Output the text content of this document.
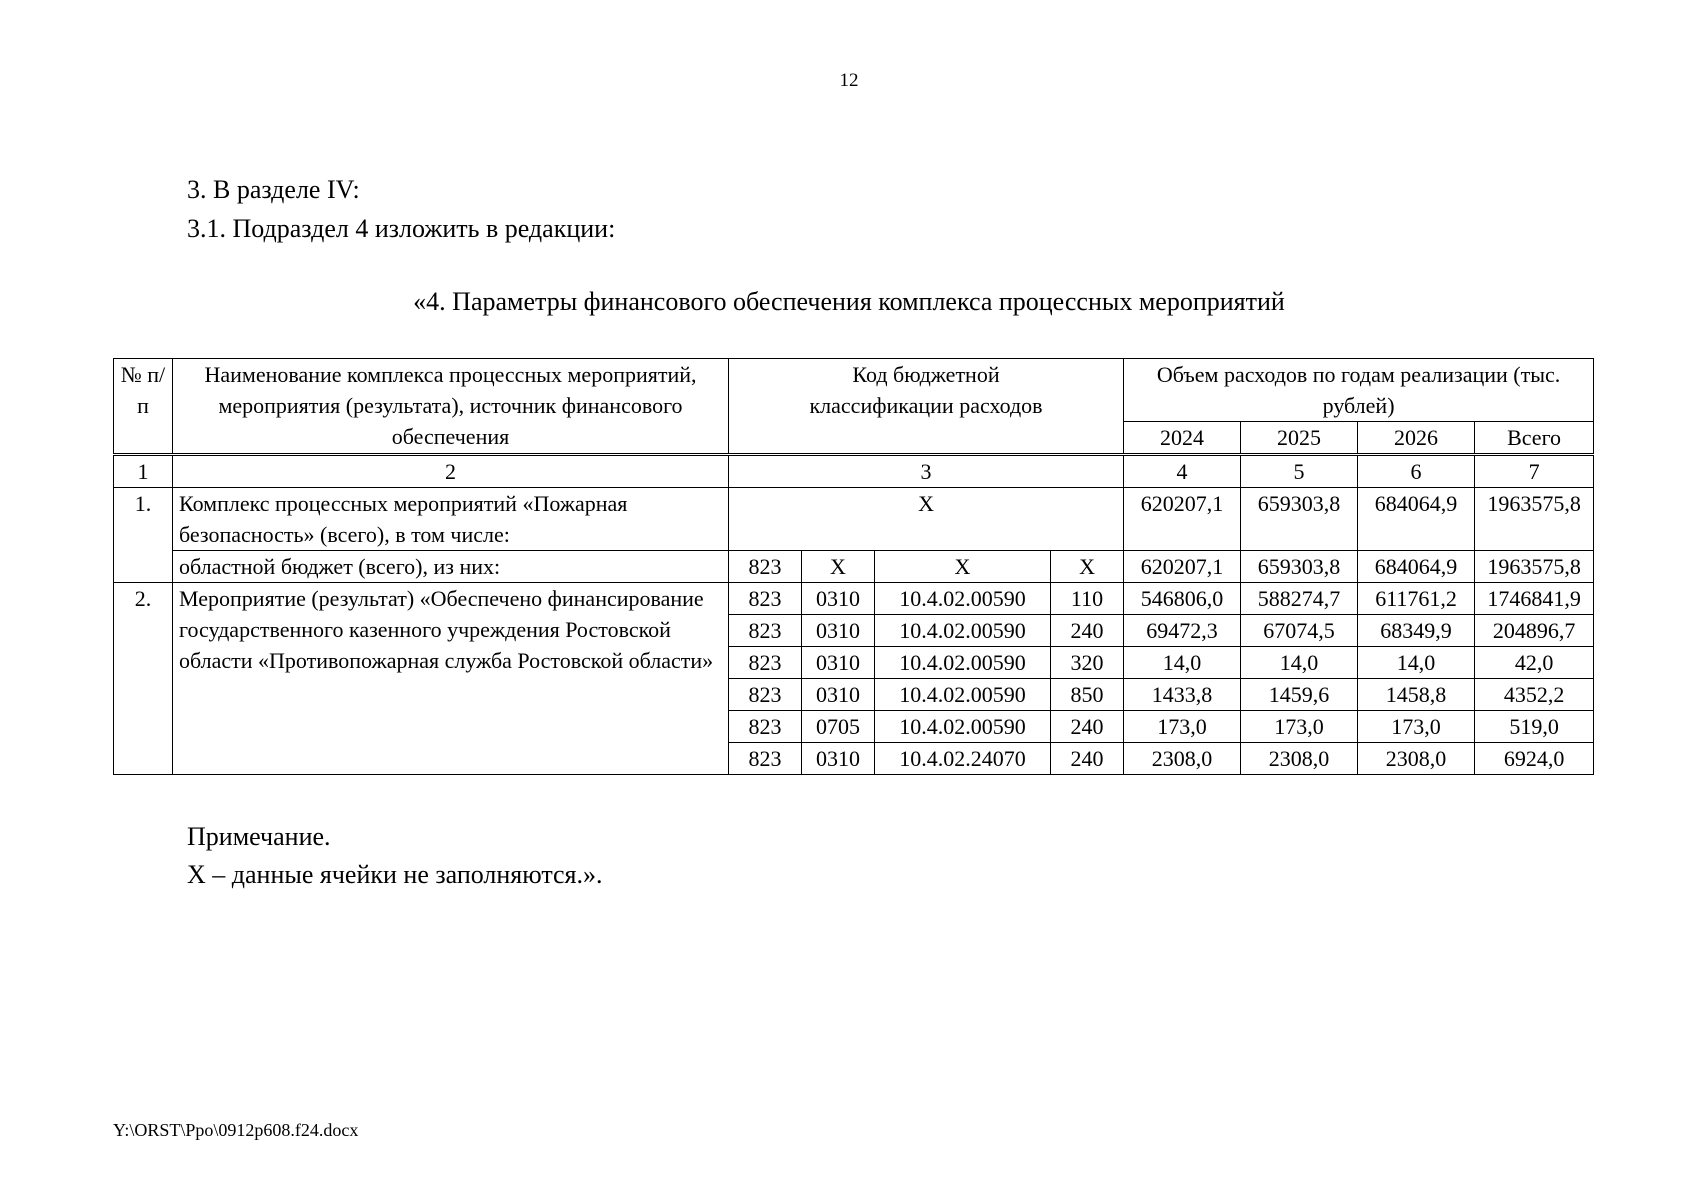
12
3. В разделе IV:
3.1. Подраздел 4 изложить в редакции:
«4. Параметры финансового обеспечения комплекса процессных мероприятий
№ п/п	Наименование комплекса процессных мероприятий, мероприятия (результата), источник финансового обеспечения	Код бюджетной классификации расходов				Объем расходов по годам реализации (тыс. рублей)			

						2024	2025	2026	Всего
1	2	3				4	5	6	7
1.	Комплекс процессных мероприятий «Пожарная безопасность» (всего), в том числе:	X				620207,1	659303,8	684064,9	1963575,8
	областной бюджет (всего), из них:	823	X	X	X	620207,1	659303,8	684064,9	1963575,8
2.	Мероприятие (результат) «Обеспечено финансирование государственного казенного учреждения Ростовской области «Противопожарная служба Ростовской области»	823	0310	10.4.02.00590	110	546806,0	588274,7	611761,2	1746841,9
		823	0310	10.4.02.00590	240	69472,3	67074,5	68349,9	204896,7
		823	0310	10.4.02.00590	320	14,0	14,0	14,0	42,0
		823	0310	10.4.02.00590	850	1433,8	1459,6	1458,8	4352,2
		823	0705	10.4.02.00590	240	173,0	173,0	173,0	519,0
		823	0310	10.4.02.24070	240	2308,0	2308,0	2308,0	6924,0
Примечание.
X – данные ячейки не заполняются.».
Y:\ORST\Ppo\0912p608.f24.docx
